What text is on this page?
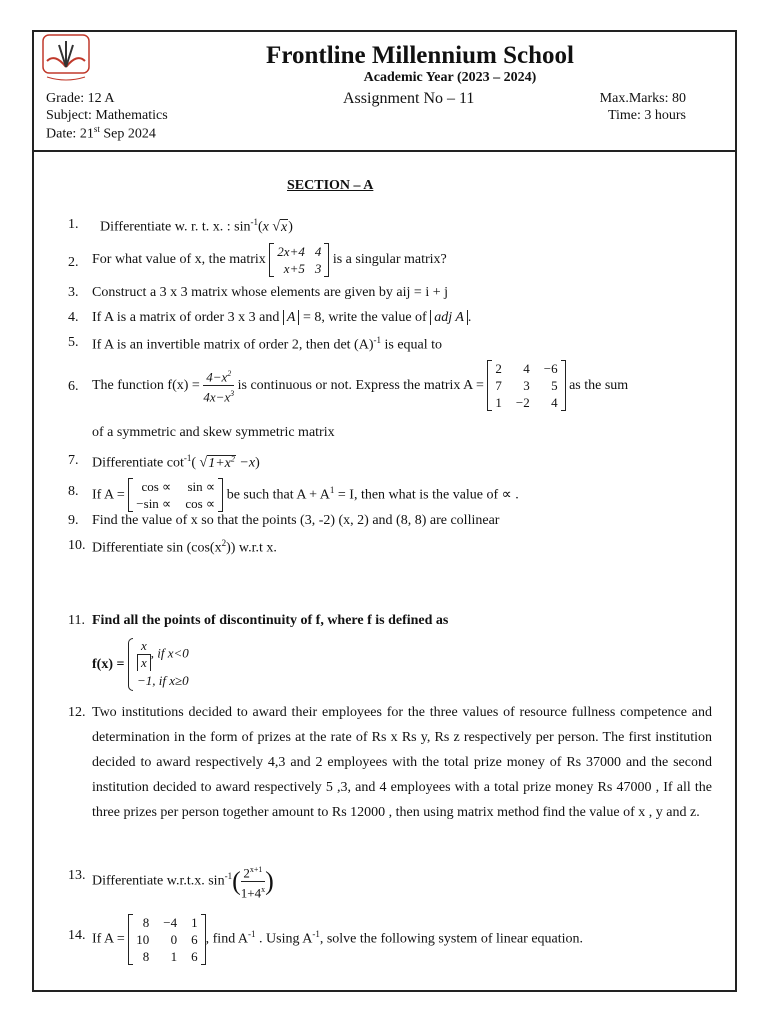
Frontline Millennium School
Academic Year (2023 – 2024)
Grade: 12 A
Subject: Mathematics
Date: 21st Sep 2024
Assignment No – 11	Max.Marks: 80
Time: 3 hours
SECTION – A
1.	Differentiate w. r. t. x. : $\sin^{-1}(x$ √x)
2. For what value of x, the matrix
2x+4 4
x+5 3
is a singular matrix?
3. Construct a 3 x 3 matrix whose elements are given by aij = i + j
4. If A is a matrix of order 3 x 3 and A = 8, write the value of adj A .
5. If A is an invertible matrix of order 2, then $\det (A)^{-1}$ is equal to
6. The function $f(x) = \frac{4-x^2}{4x-x^3}$ is continuous or not. Express the matrix A =
2	4 −6
7	3	5
1 −2	4
as the sum
of a symmetric and skew symmetric matrix
7. Differentiate $\cot^{-1}$( $√1+x^2 -x$)
8. If A =
cos ∝ sin ∝
−sin ∝ cos ∝
be such that $A + A^1 = I$, then what is the value of ∝ .
9. Find the value of x so that the points (3, -2) (x, 2) and (8, 8) are collinear
10. Differentiate $\sin (\cos(x^2))$ w.r.t x.
11. Find all the points of discontinuity of f, where f is defined as
$f(x) = \frac{x}{x}$ , if x<0
−1, if x≥0
12. Two institutions decided to award their employees for the three values of resource fullness competence and determination in the form of prizes at the rate of Rs x Rs y, Rs z respectively per person. The first institution decided to award respectively 4,3 and 2 employees with the total prize money of Rs 37000 and the second institution decided to award respectively 5 ,3, and 4 employees with a total prize money Rs 47000 , If all the three prizes per person together amount to Rs 12000 , then using matrix method find the value of x , y and z.
13. Differentiate w.r.t.x. $\sin^{-1}( \frac{2^{x+1}}{1+4^x}$ )
14. If A =
8 −4 1
10	0 6
8	1 6
, find $A^{-1}$ . Using $A^{-1}$, solve the following system of linear equation.
